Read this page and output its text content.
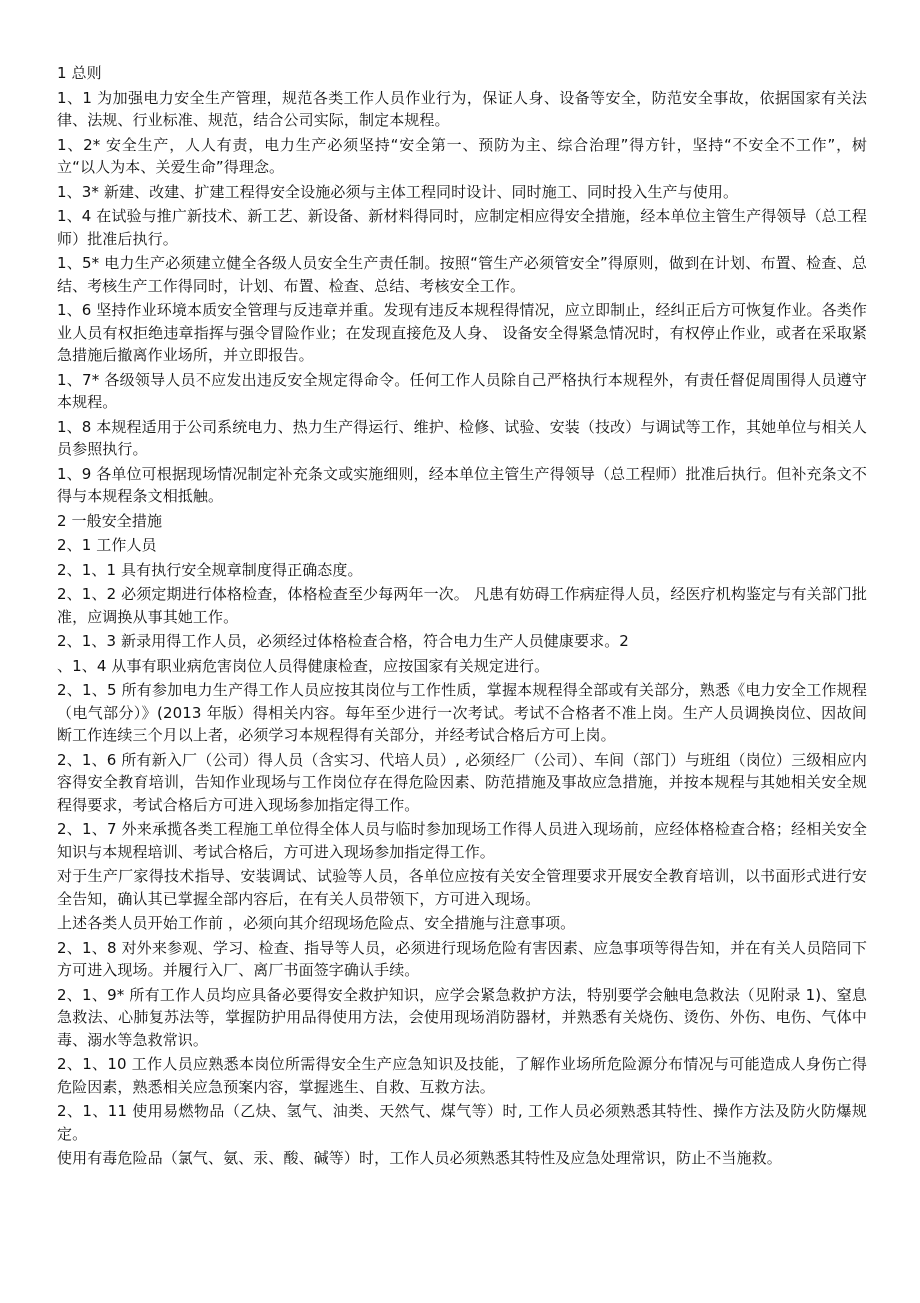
1 总则
1、1 为加强电力安全生产管理，规范各类工作人员作业行为，保证人身、设备等安全，防范安全事故，依据国家有关法律、法规、行业标准、规范，结合公司实际，制定本规程。
1、2* 安全生产，人人有责，电力生产必须坚持“安全第一、预防为主、综合治理”得方针，坚持“不安全不工作”，树立“以人为本、关爱生命”得理念。
1、3* 新建、改建、扩建工程得安全设施必须与主体工程同时设计、同时施工、同时投入生产与使用。
1、4 在试验与推广新技术、新工艺、新设备、新材料得同时，应制定相应得安全措施，经本单位主管生产得领导（总工程师）批准后执行。
1、5* 电力生产必须建立健全各级人员安全生产责任制。按照“管生产必须管安全”得原则，做到在计划、布置、检查、总结、考核生产工作得同时，计划、布置、检查、总结、考核安全工作。
1、6 坚持作业环境本质安全管理与反违章并重。发现有违反本规程得情况，应立即制止，经纠正后方可恢复作业。各类作业人员有权拒绝违章指挥与强令冒险作业；在发现直接危及人身、 设备安全得紧急情况时，有权停止作业，或者在采取紧急措施后撤离作业场所，并立即报告。
1、7* 各级领导人员不应发出违反安全规定得命令。任何工作人员除自己严格执行本规程外，有责任督促周围得人员遵守本规程。
1、8 本规程适用于公司系统电力、热力生产得运行、维护、检修、试验、安装（技改）与调试等工作，其她单位与相关人员参照执行。
1、9 各单位可根据现场情况制定补充条文或实施细则，经本单位主管生产得领导（总工程师）批准后执行。但补充条文不得与本规程条文相抵触。
2 一般安全措施
2、1 工作人员
2、1、1 具有执行安全规章制度得正确态度。
2、1、2 必须定期进行体格检查，体格检查至少每两年一次。 凡患有妨碍工作病症得人员，经医疗机构鉴定与有关部门批准，应调换从事其她工作。
2、1、3 新录用得工作人员，必须经过体格检查合格，符合电力生产人员健康要求。2
、1、4 从事有职业病危害岗位人员得健康检查，应按国家有关规定进行。
2、1、5 所有参加电力生产得工作人员应按其岗位与工作性质，掌握本规程得全部或有关部分，熟悉《电力安全工作规程（电气部分）》(2013 年版）得相关内容。每年至少进行一次考试。考试不合格者不准上岗。生产人员调换岗位、因故间断工作连续三个月以上者，必须学习本规程得有关部分，并经考试合格后方可上岗。
2、1、6 所有新入厂（公司）得人员（含实习、代培人员）, 必须经厂（公司）、车间（部门）与班组（岗位）三级相应内容得安全教育培训，告知作业现场与工作岗位存在得危险因素、防范措施及事故应急措施，并按本规程与其她相关安全规程得要求，考试合格后方可进入现场参加指定得工作。
2、1、7 外来承揽各类工程施工单位得全体人员与临时参加现场工作得人员进入现场前，应经体格检查合格；经相关安全知识与本规程培训、考试合格后，方可进入现场参加指定得工作。
对于生产厂家得技术指导、安装调试、试验等人员，各单位应按有关安全管理要求开展安全教育培训，以书面形式进行安全告知，确认其已掌握全部内容后，在有关人员带领下，方可进入现场。
上述各类人员开始工作前 ，必须向其介绍现场危险点、安全措施与注意事项。
2、1、8 对外来参观、学习、检查、指导等人员，必须进行现场危险有害因素、应急事项等得告知，并在有关人员陪同下方可进入现场。并履行入厂、离厂书面签字确认手续。
2、1、9* 所有工作人员均应具备必要得安全救护知识，应学会紧急救护方法，特别要学会触电急救法（见附录 1)、窒息急救法、心肺复苏法等，掌握防护用品得使用方法，会使用现场消防器材，并熟悉有关烧伤、烫伤、外伤、电伤、气体中毒、溺水等急救常识。
2、1、10 工作人员应熟悉本岗位所需得安全生产应急知识及技能，了解作业场所危险源分布情况与可能造成人身伤亡得危险因素，熟悉相关应急预案内容，掌握逃生、自救、互救方法。
2、1、11 使用易燃物品（乙炔、氢气、油类、天然气、煤气等）时, 工作人员必须熟悉其特性、操作方法及防火防爆规定。
使用有毒危险品（氯气、氨、汞、酸、碱等）时，工作人员必须熟悉其特性及应急处理常识，防止不当施救。
